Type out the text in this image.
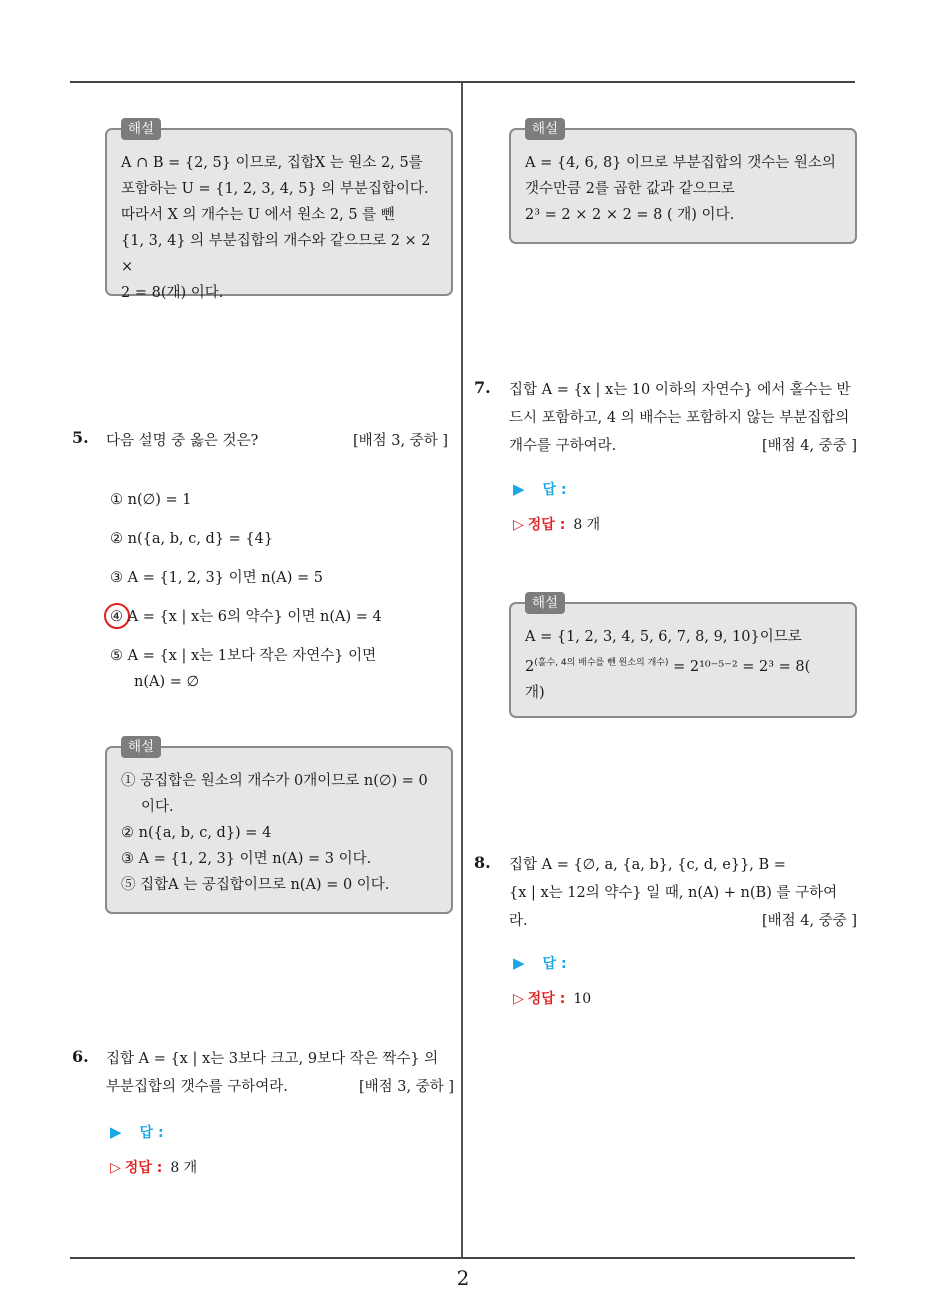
해설

A ∩ B = {2, 5} 이므로, 집합X 는 원소 2, 5를

포함하는 U = {1, 2, 3, 4, 5} 의 부분집합이다.

따라서 X 의 개수는 U 에서 원소 2, 5 를 뺀

{1, 3, 4} 의 부분집합의 개수와 같으므로 2 × 2 ×

2 = 8(개) 이다.

5. 다음 설명 중 옳은 것은?	[배점 3, 중하 ]
① n(∅) = 1
② n({a, b, c, d} = {4}
③ A = {1, 2, 3} 이면 n(A) = 5
④ A = {x | x는 6의 약수} 이면 n(A) = 4
⑤ A = {x | x는 1보다 작은 자연수} 이면
n(A) = ∅
해설

① 공집합은 원소의 개수가 0개이므로 n(∅) = 0

이다.

② n({a, b, c, d}) = 4

③ A = {1, 2, 3} 이면 n(A) = 3 이다.

⑤ 집합A 는 공집합이므로 n(A) = 0 이다.

6. 집합 A = {x | x는 3보다 크고, 9보다 작은 짝수} 의
부분집합의 갯수를 구하여라.	[배점 3, 중하 ]
▶ 답 :
▷ 정답 : 8 개
해설

A = {4, 6, 8} 이므로 부분집합의 갯수는 원소의

갯수만큼 2를 곱한 값과 같으므로

2³ = 2 × 2 × 2 = 8 ( 개) 이다.

7. 집합 A = {x | x는 10 이하의 자연수} 에서 홀수는 반
드시 포함하고, 4 의 배수는 포함하지 않는 부분집합의
개수를 구하여라.	[배점 4, 중중 ]
▶ 답 :
▷ 정답 : 8 개
해설

A = {1, 2, 3, 4, 5, 6, 7, 8, 9, 10}이므로

$2^{(홀수, 4의 배수를 뺀 원소의 개수)} = 2^{10-5-2} = 2^3 = 8$(

개)

8. 집합 A = {∅, a, {a, b}, {c, d, e}}, B =
{x | x는 12의 약수} 일 때, n(A) + n(B) 를 구하여
라.	[배점 4, 중중 ]
▶ 답 :
▷ 정답 : 10
2
